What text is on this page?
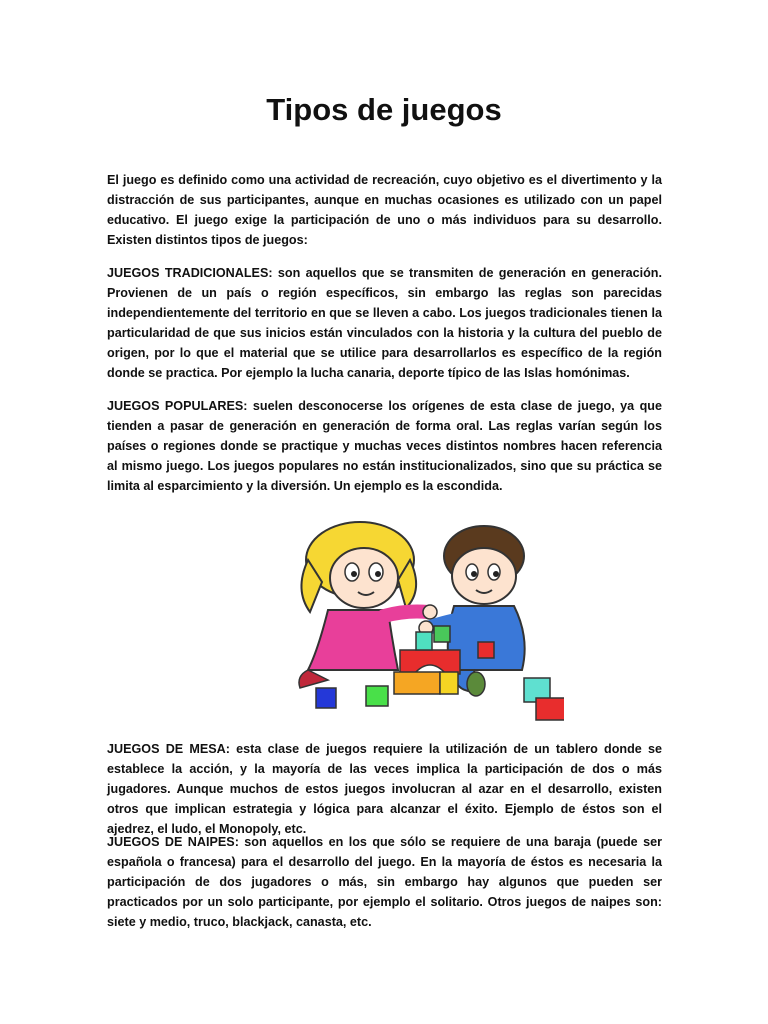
Tipos de juegos

El juego es definido como una actividad de recreación, cuyo objetivo es el divertimento y la distracción de sus participantes, aunque en muchas ocasiones es utilizado con un papel educativo. El juego exige la participación de uno o más individuos para su desarrollo. Existen distintos tipos de juegos:

JUEGOS TRADICIONALES: son aquellos que se transmiten de generación en generación. Provienen de un país o región específicos, sin embargo las reglas son parecidas independientemente del territorio en que se lleven a cabo. Los juegos tradicionales tienen la particularidad de que sus inicios están vinculados con la historia y la cultura del pueblo de origen, por lo que el material que se utilice para desarrollarlos es específico de la región donde se practica. Por ejemplo la lucha canaria, deporte típico de las Islas homónimas.

JUEGOS POPULARES: suelen desconocerse los orígenes de esta clase de juego, ya que tienden a pasar de generación en generación de forma oral. Las reglas varían según los países o regiones donde se practique y muchas veces distintos nombres hacen referencia al mismo juego. Los juegos populares no están institucionalizados, sino que su práctica se limita al esparcimiento y la diversión. Un ejemplo es la escondida.

JUEGOS DE MESA: esta clase de juegos requiere la utilización de un tablero donde se establece la acción, y la mayoría de las veces implica la participación de dos o más jugadores. Aunque muchos de estos juegos involucran al azar en el desarrollo, existen otros que implican estrategia y lógica para alcanzar el éxito. Ejemplo de éstos son el ajedrez, el ludo, el Monopoly, etc.

JUEGOS DE NAIPES: son aquellos en los que sólo se requiere de una baraja (puede ser española o francesa) para el desarrollo del juego. En la mayoría de éstos es necesaria la participación de dos jugadores o más, sin embargo hay algunos que pueden ser practicados por un solo participante, por ejemplo el solitario. Otros juegos de naipes son: siete y medio, truco, blackjack, canasta, etc.
